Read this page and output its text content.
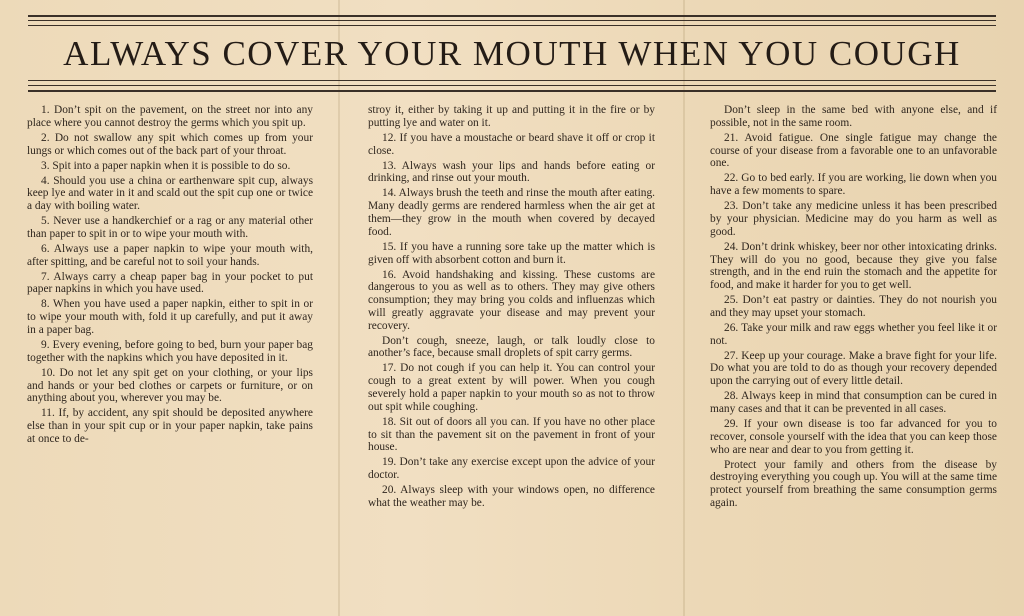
ALWAYS COVER YOUR MOUTH WHEN YOU COUGH

1. Don’t spit on the pavement, on the street nor into any place where you cannot destroy the germs which you spit up.

2. Do not swallow any spit which comes up from your lungs or which comes out of the back part of your throat.

3. Spit into a paper napkin when it is possible to do so.

4. Should you use a china or earthenware spit cup, always keep lye and water in it and scald out the spit cup one or twice a day with boiling water.

5. Never use a handkerchief or a rag or any material other than paper to spit in or to wipe your mouth with.

6. Always use a paper napkin to wipe your mouth with, after spitting, and be careful not to soil your hands.

7. Always carry a cheap paper bag in your pocket to put paper napkins in which you have used.

8. When you have used a paper napkin, either to spit in or to wipe your mouth with, fold it up carefully, and put it away in a paper bag.

9. Every evening, before going to bed, burn your paper bag together with the napkins which you have deposited in it.

10. Do not let any spit get on your clothing, or your lips and hands or your bed clothes or carpets or furniture, or on anything about you, wherever you may be.

11. If, by accident, any spit should be deposited anywhere else than in your spit cup or in your paper napkin, take pains at once to de-

stroy it, either by taking it up and putting it in the fire or by putting lye and water on it.

12. If you have a moustache or beard shave it off or crop it close.

13. Always wash your lips and hands before eating or drinking, and rinse out your mouth.

14. Always brush the teeth and rinse the mouth after eating. Many deadly germs are rendered harmless when the air get at them—they grow in the mouth when covered by decayed food.

15. If you have a running sore take up the matter which is given off with absorbent cotton and burn it.

16. Avoid handshaking and kissing. These customs are dangerous to you as well as to others. They may give others consumption; they may bring you colds and influenzas which will greatly aggravate your disease and may prevent your recovery.

Don’t cough, sneeze, laugh, or talk loudly close to another’s face, because small droplets of spit carry germs.

17. Do not cough if you can help it. You can control your cough to a great extent by will power. When you cough severely hold a paper napkin to your mouth so as not to throw out spit while coughing.

18. Sit out of doors all you can. If you have no other place to sit than the pavement sit on the pavement in front of your house.

19. Don’t take any exercise except upon the advice of your doctor.

20. Always sleep with your windows open, no difference what the weather may be.

Don’t sleep in the same bed with anyone else, and if possible, not in the same room.

21. Avoid fatigue. One single fatigue may change the course of your disease from a favorable one to an unfavorable one.

22. Go to bed early. If you are working, lie down when you have a few moments to spare.

23. Don’t take any medicine unless it has been prescribed by your physician. Medicine may do you harm as well as good.

24. Don’t drink whiskey, beer nor other intoxicating drinks. They will do you no good, because they give you false strength, and in the end ruin the stomach and the appetite for food, and make it harder for you to get well.

25. Don’t eat pastry or dainties. They do not nourish you and they may upset your stomach.

26. Take your milk and raw eggs whether you feel like it or not.

27. Keep up your courage. Make a brave fight for your life. Do what you are told to do as though your recovery depended upon the carrying out of every little detail.

28. Always keep in mind that consumption can be cured in many cases and that it can be prevented in all cases.

29. If your own disease is too far advanced for you to recover, console yourself with the idea that you can keep those who are near and dear to you from getting it.

Protect your family and others from the disease by destroying everything you cough up. You will at the same time protect yourself from breathing the same consumption germs again.
